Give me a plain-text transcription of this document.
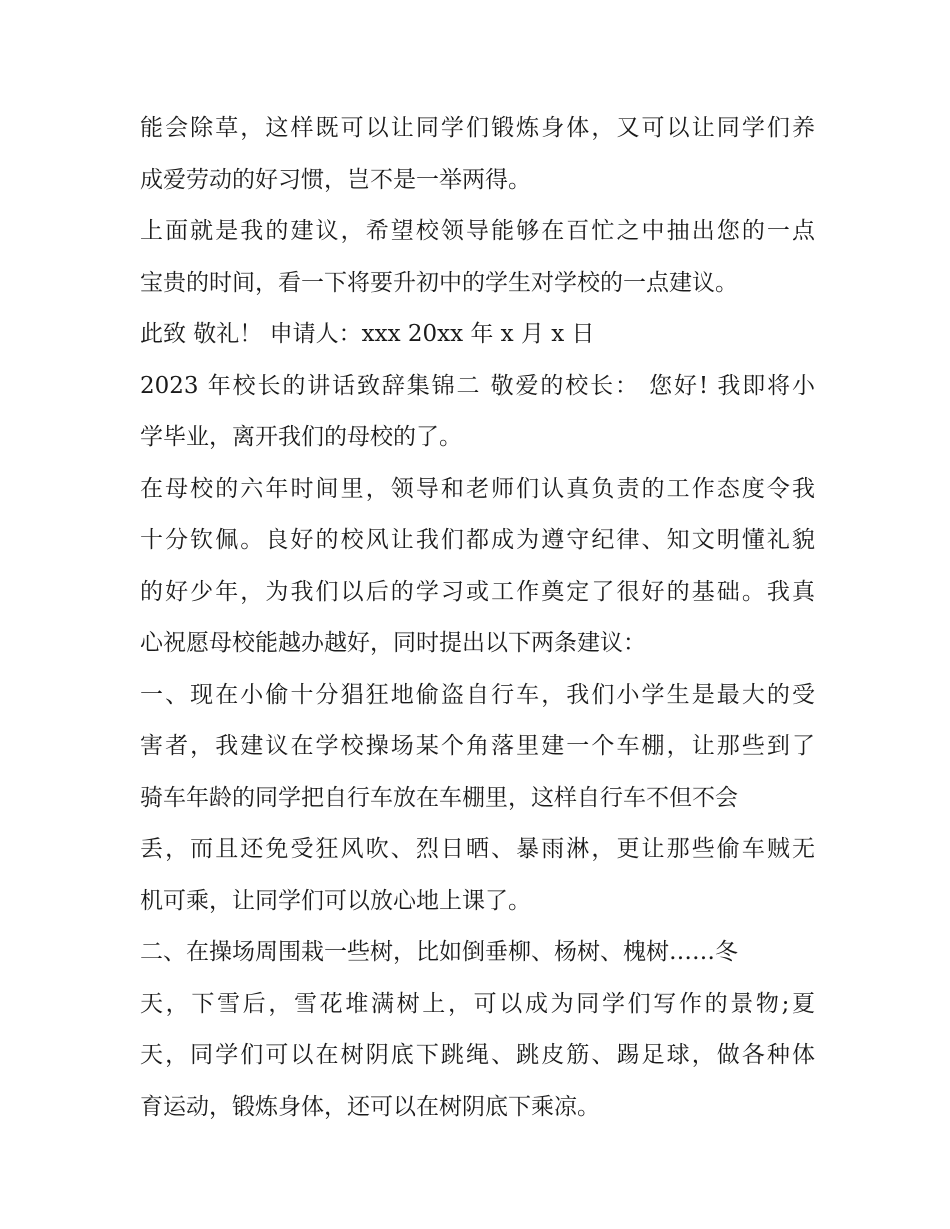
能会除草，这样既可以让同学们锻炼身体，又可以让同学们养
成爱劳动的好习惯，岂不是一举两得。
上面就是我的建议，希望校领导能够在百忙之中抽出您的一点
宝贵的时间，看一下将要升初中的学生对学校的一点建议。
此致 敬礼！ 申请人：xxx 20xx 年 x 月 x 日
2023 年校长的讲话致辞集锦二 敬爱的校长： 您好! 我即将小
学毕业，离开我们的母校的了。
在母校的六年时间里，领导和老师们认真负责的工作态度令我
十分钦佩。良好的校风让我们都成为遵守纪律、知文明懂礼貌
的好少年，为我们以后的学习或工作奠定了很好的基础。我真
心祝愿母校能越办越好，同时提出以下两条建议：
一、现在小偷十分猖狂地偷盗自行车，我们小学生是最大的受
害者，我建议在学校操场某个角落里建一个车棚，让那些到了
骑车年龄的同学把自行车放在车棚里，这样自行车不但不会
丢，而且还免受狂风吹、烈日晒、暴雨淋，更让那些偷车贼无
机可乘，让同学们可以放心地上课了。
二、在操场周围栽一些树，比如倒垂柳、杨树、槐树……冬
天，下雪后，雪花堆满树上，可以成为同学们写作的景物;夏
天，同学们可以在树阴底下跳绳、跳皮筋、踢足球，做各种体
育运动，锻炼身体，还可以在树阴底下乘凉。
